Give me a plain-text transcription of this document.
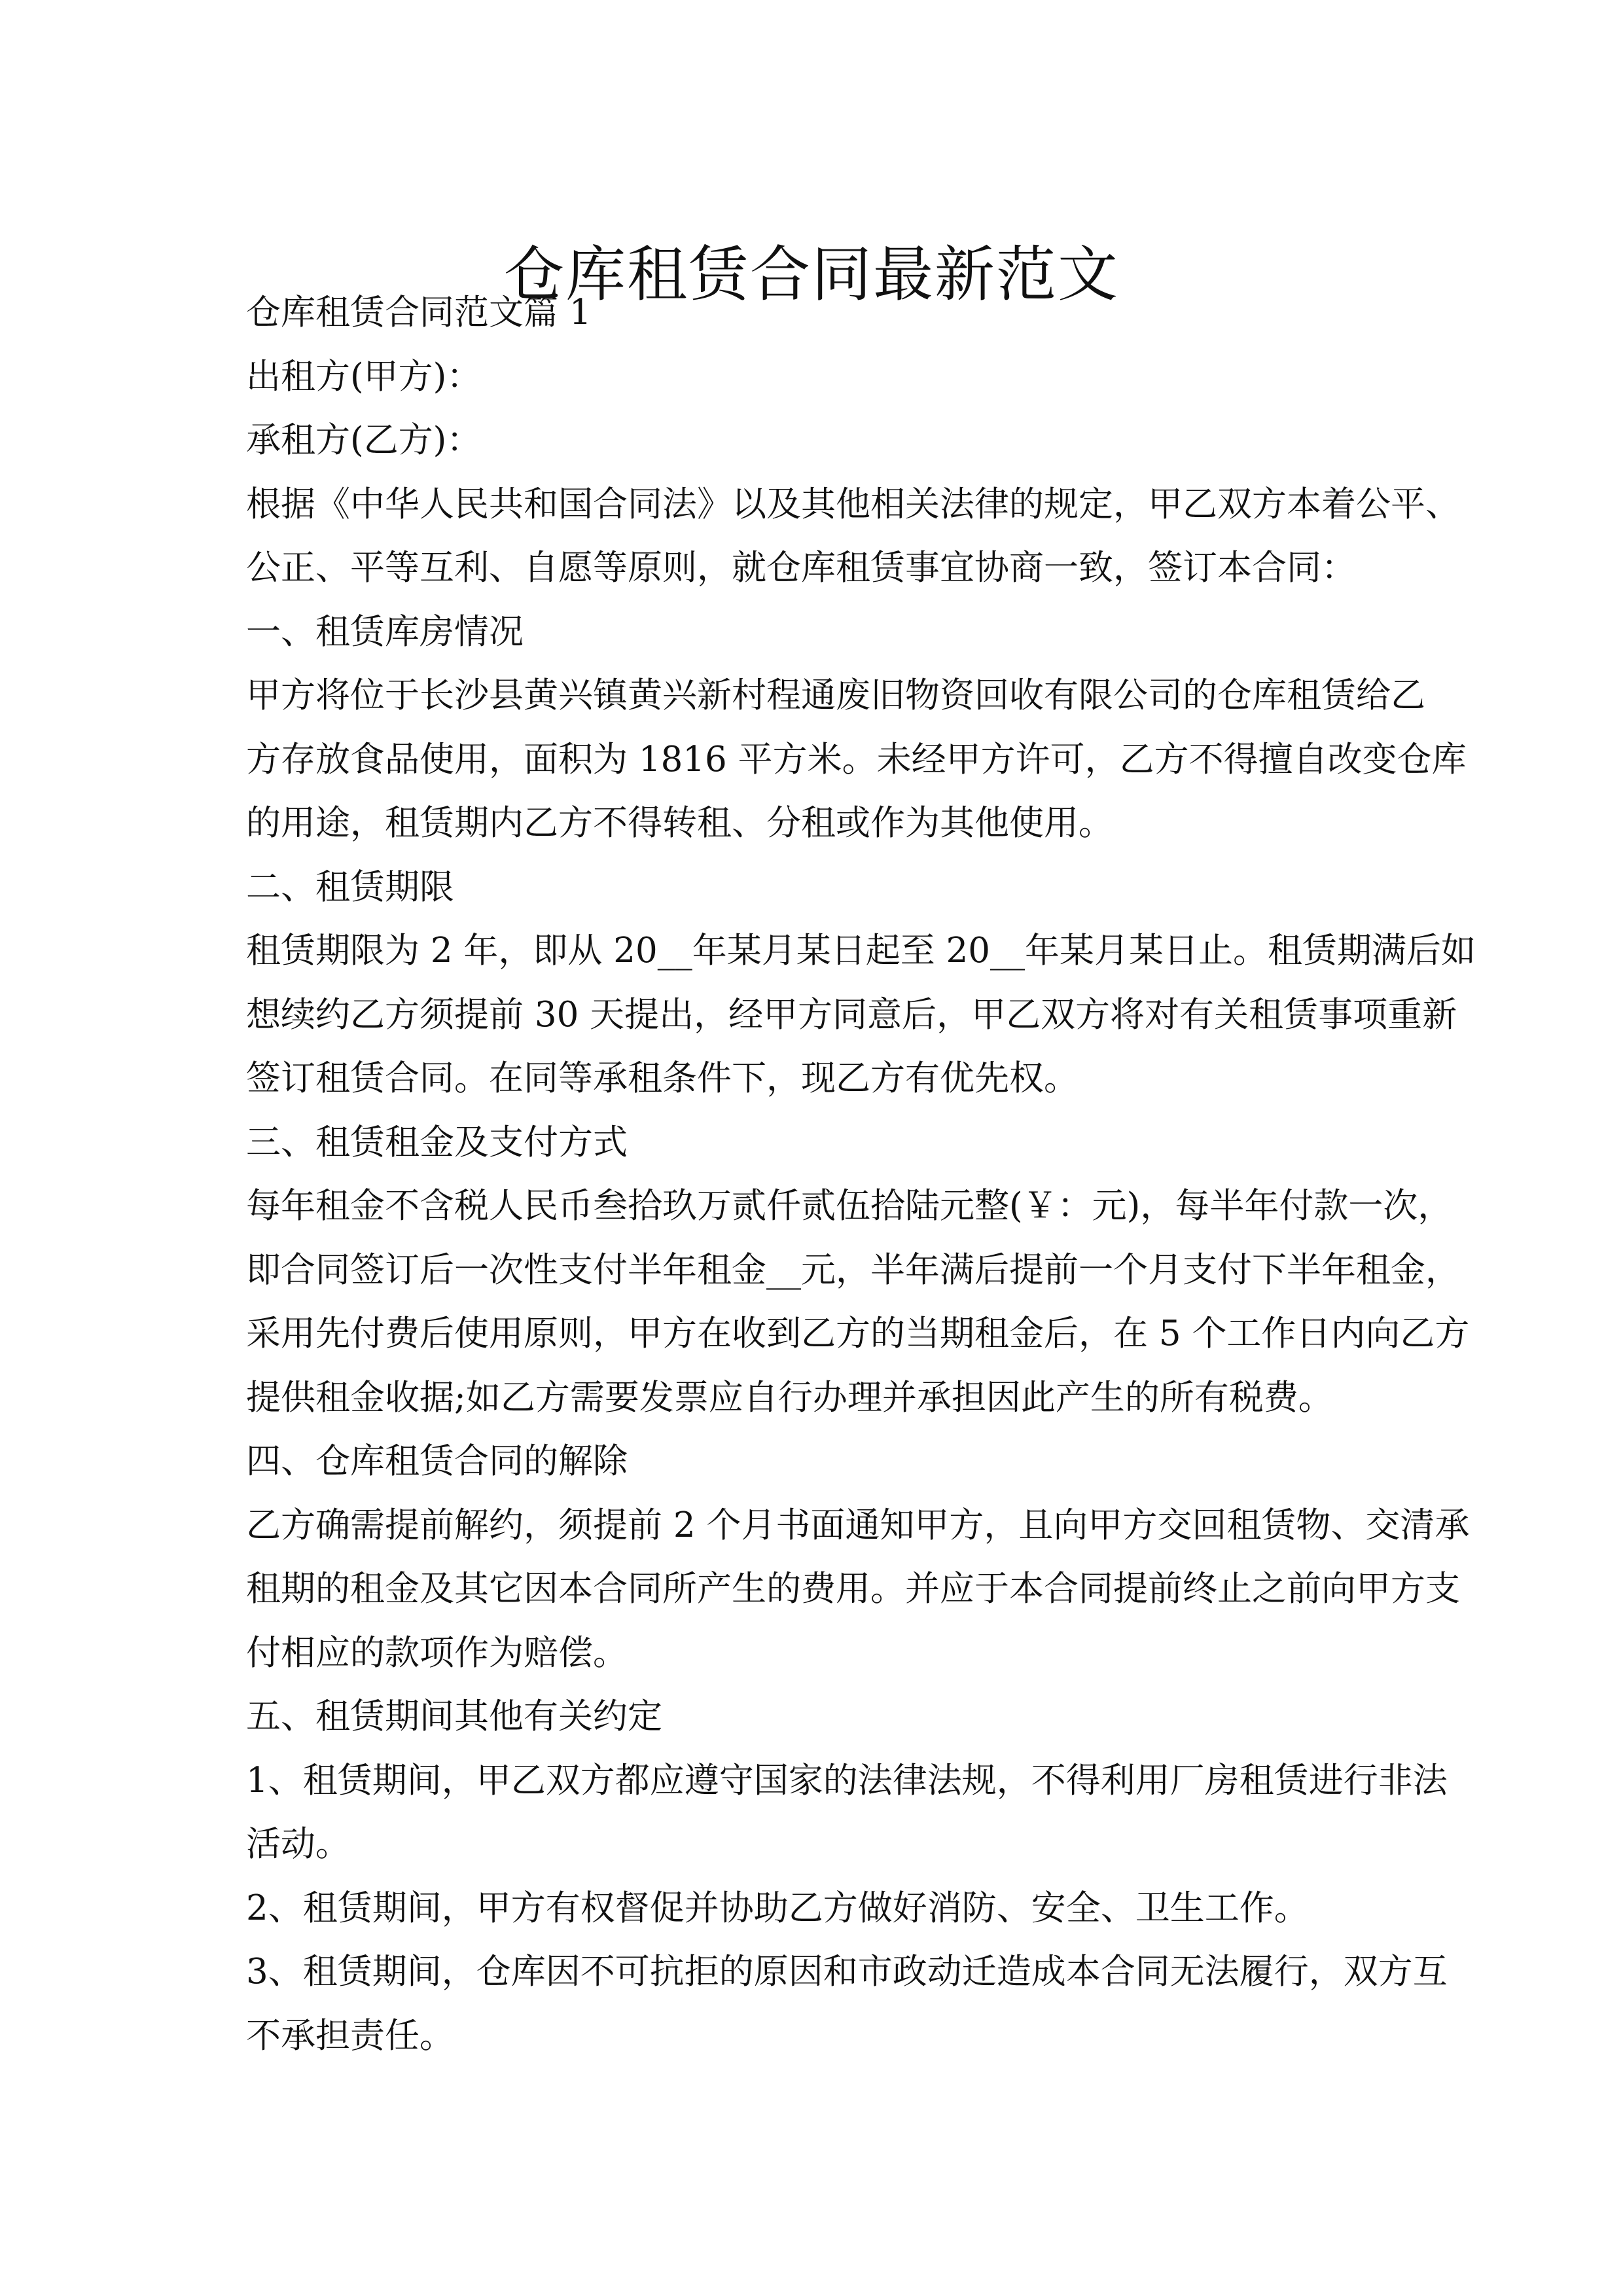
仓库租赁合同最新范文
仓库租赁合同范文篇 1
出租方(甲方)：
承租方(乙方)：
根据《中华人民共和国合同法》以及其他相关法律的规定，甲乙双方本着公平、
公正、平等互利、自愿等原则，就仓库租赁事宜协商一致，签订本合同：
一、租赁库房情况
甲方将位于长沙县黄兴镇黄兴新村程通废旧物资回收有限公司的仓库租赁给乙
方存放食品使用，面积为 1816 平方米。未经甲方许可，乙方不得擅自改变仓库
的用途，租赁期内乙方不得转租、分租或作为其他使用。
二、租赁期限
租赁期限为 2 年，即从 20__年某月某日起至 20__年某月某日止。租赁期满后如
想续约乙方须提前 30 天提出，经甲方同意后，甲乙双方将对有关租赁事项重新
签订租赁合同。在同等承租条件下，现乙方有优先权。
三、租赁租金及支付方式
每年租金不含税人民币叁拾玖万贰仟贰伍拾陆元整(￥：元)，每半年付款一次，
即合同签订后一次性支付半年租金__元，半年满后提前一个月支付下半年租金，
采用先付费后使用原则，甲方在收到乙方的当期租金后，在 5 个工作日内向乙方
提供租金收据;如乙方需要发票应自行办理并承担因此产生的所有税费。
四、仓库租赁合同的解除
乙方确需提前解约，须提前 2 个月书面通知甲方，且向甲方交回租赁物、交清承
租期的租金及其它因本合同所产生的费用。并应于本合同提前终止之前向甲方支
付相应的款项作为赔偿。
五、租赁期间其他有关约定
1、租赁期间，甲乙双方都应遵守国家的法律法规，不得利用厂房租赁进行非法
活动。
2、租赁期间，甲方有权督促并协助乙方做好消防、安全、卫生工作。
3、租赁期间，仓库因不可抗拒的原因和市政动迁造成本合同无法履行，双方互
不承担责任。
